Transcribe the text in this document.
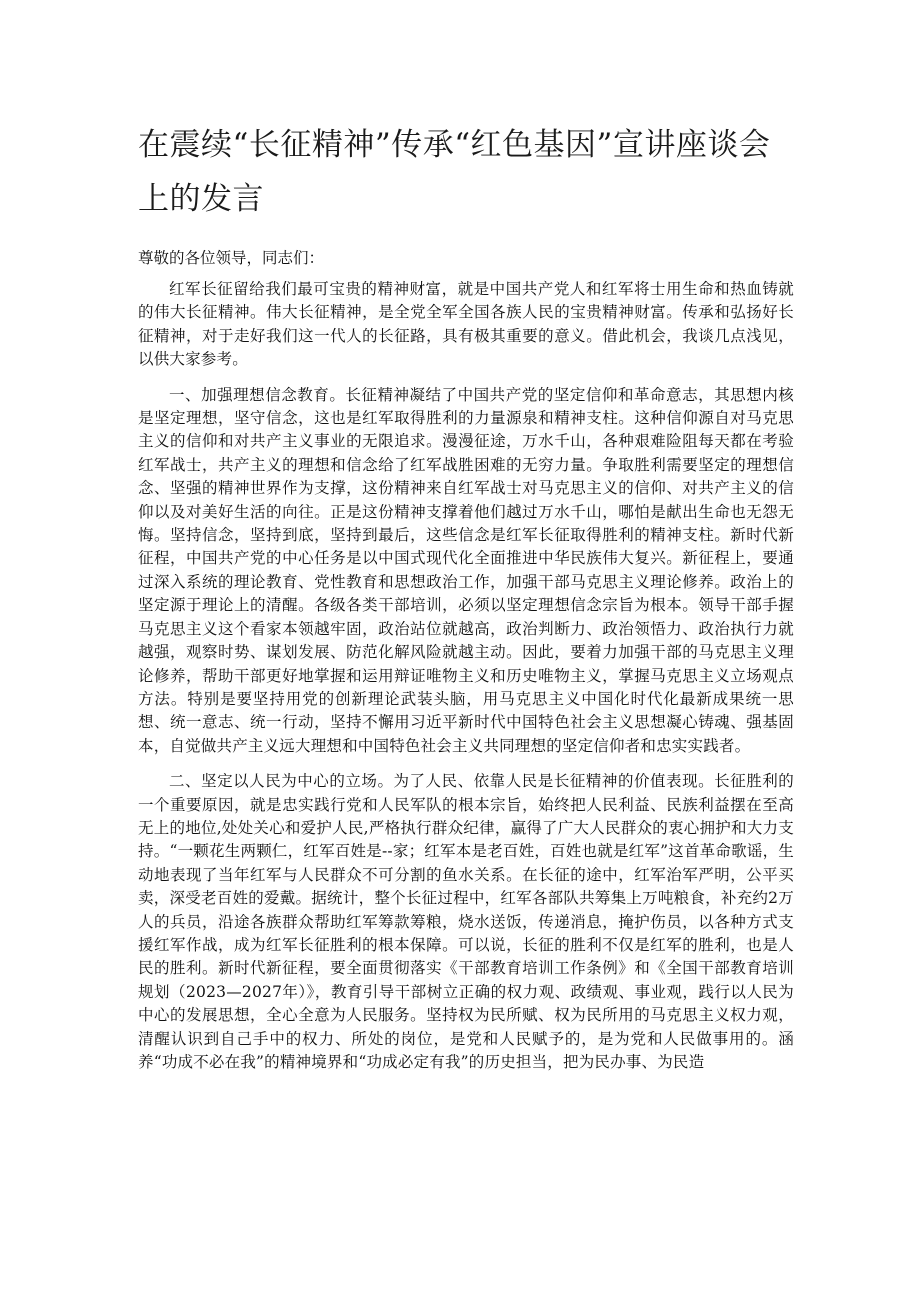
在震续“长征精神”传承“红色基因”宣讲座谈会上的发言

尊敬的各位领导，同志们：

红军长征留给我们最可宝贵的精神财富，就是中国共产党人和红军将士用生命和热血铸就的伟大长征精神。伟大长征精神，是全党全军全国各族人民的宝贵精神财富。传承和弘扬好长征精神，对于走好我们这一代人的长征路，具有极其重要的意义。借此机会，我谈几点浅见，以供大家参考。

一、加强理想信念教育。长征精神凝结了中国共产党的坚定信仰和革命意志，其思想内核是坚定理想，坚守信念，这也是红军取得胜利的力量源泉和精神支柱。这种信仰源自对马克思主义的信仰和对共产主义事业的无限追求。漫漫征途，万水千山，各种艰难险阻每天都在考验红军战士，共产主义的理想和信念给了红军战胜困难的无穷力量。争取胜利需要坚定的理想信念、坚强的精神世界作为支撑，这份精神来自红军战士对马克思主义的信仰、对共产主义的信仰以及对美好生活的向往。正是这份精神支撑着他们越过万水千山，哪怕是献出生命也无怨无悔。坚持信念，坚持到底，坚持到最后，这些信念是红军长征取得胜利的精神支柱。新时代新征程，中国共产党的中心任务是以中国式现代化全面推进中华民族伟大复兴。新征程上，要通过深入系统的理论教育、党性教育和思想政治工作，加强干部马克思主义理论修养。政治上的坚定源于理论上的清醒。各级各类干部培训，必须以坚定理想信念宗旨为根本。领导干部手握马克思主义这个看家本领越牢固，政治站位就越高，政治判断力、政治领悟力、政治执行力就越强，观察时势、谋划发展、防范化解风险就越主动。因此，要着力加强干部的马克思主义理论修养，帮助干部更好地掌握和运用辩证唯物主义和历史唯物主义，掌握马克思主义立场观点方法。特别是要坚持用党的创新理论武装头脑，用马克思主义中国化时代化最新成果统一思想、统一意志、统一行动，坚持不懈用习近平新时代中国特色社会主义思想凝心铸魂、强基固本，自觉做共产主义远大理想和中国特色社会主义共同理想的坚定信仰者和忠实实践者。

二、坚定以人民为中心的立场。为了人民、依靠人民是长征精神的价值表现。长征胜利的一个重要原因，就是忠实践行党和人民军队的根本宗旨，始终把人民利益、民族利益摆在至高无上的地位,处处关心和爱护人民,严格执行群众纪律，赢得了广大人民群众的衷心拥护和大力支持。“一颗花生两颗仁，红军百姓是--家；红军本是老百姓，百姓也就是红军”这首革命歌谣，生动地表现了当年红军与人民群众不可分割的鱼水关系。在长征的途中，红军治军严明，公平买卖，深受老百姓的爱戴。据统计，整个长征过程中，红军各部队共筹集上万吨粮食，补充约2万人的兵员，沿途各族群众帮助红军筹款筹粮，烧水送饭，传递消息，掩护伤员，以各种方式支援红军作战，成为红军长征胜利的根本保障。可以说，长征的胜利不仅是红军的胜利，也是人民的胜利。新时代新征程，要全面贯彻落实《干部教育培训工作条例》和《全国干部教育培训规划（2023—2027年）》，教育引导干部树立正确的权力观、政绩观、事业观，践行以人民为中心的发展思想，全心全意为人民服务。坚持权为民所赋、权为民所用的马克思主义权力观，清醒认识到自己手中的权力、所处的岗位，是党和人民赋予的，是为党和人民做事用的。涵养“功成不必在我”的精神境界和“功成必定有我”的历史担当，把为民办事、为民造
